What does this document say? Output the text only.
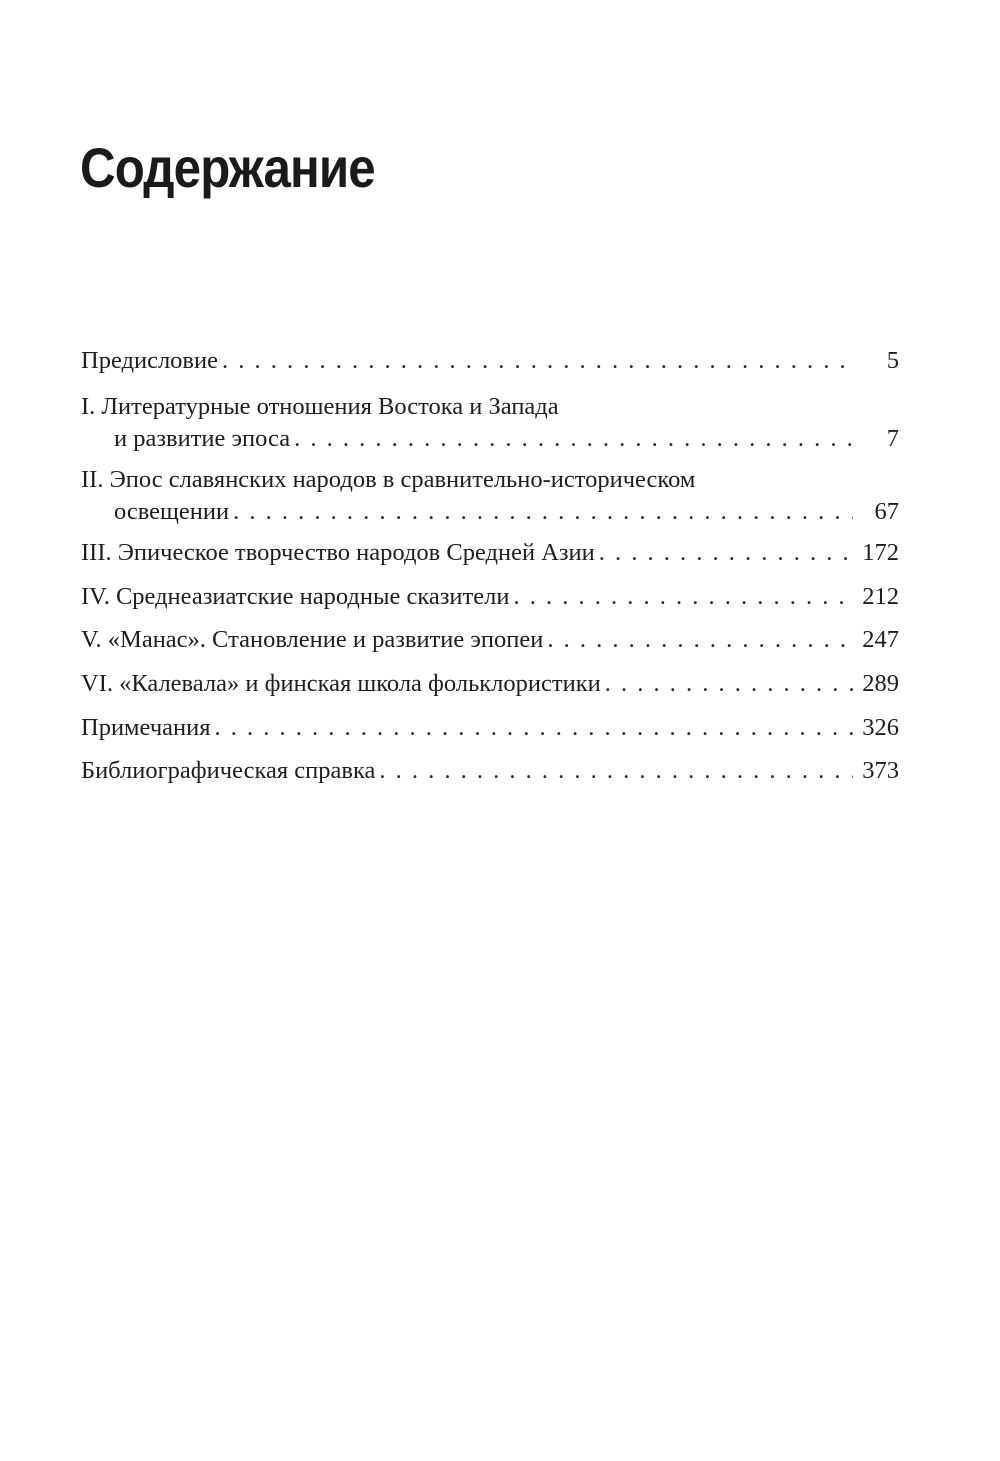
Содержание
Предисловие . . .	5
I. Литературные отношения Востока и Запада
и развитие эпоса . . .	7
II. Эпос славянских народов в сравнительно-историческом
освещении . . .	67
III. Эпическое творчество народов Средней Азии . . .	172
IV. Среднеазиатские народные сказители . . .	212
V. «Манас». Становление и развитие эпопеи . . .	247
VI. «Калевала» и финская школа фольклористики . . .	289
Примечания . . .	326
Библиографическая справка . . .	373
